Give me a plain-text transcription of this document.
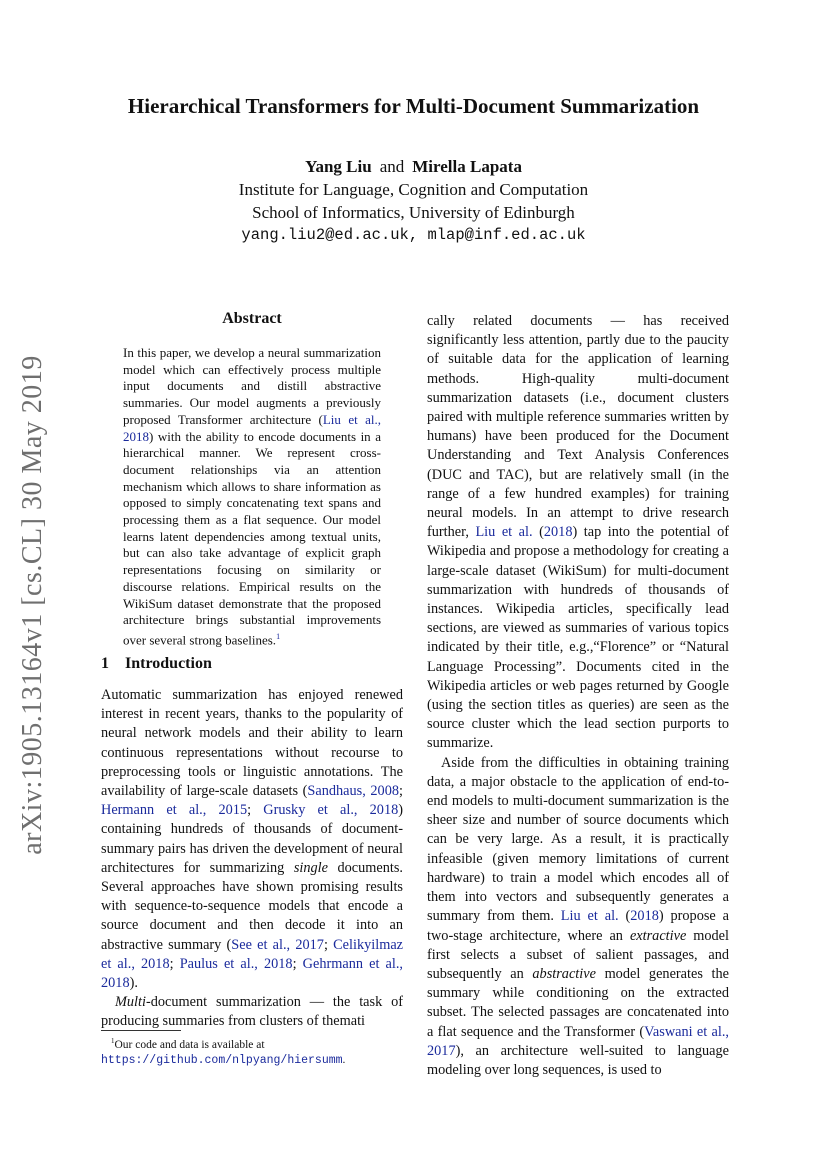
arXiv:1905.13164v1 [cs.CL] 30 May 2019
Hierarchical Transformers for Multi-Document Summarization
Yang Liu and Mirella Lapata
Institute for Language, Cognition and Computation
School of Informatics, University of Edinburgh
yang.liu2@ed.ac.uk, mlap@inf.ed.ac.uk
Abstract

In this paper, we develop a neural summarization model which can effectively process multiple input documents and distill abstractive summaries. Our model augments a previously proposed Transformer architecture (Liu et al., 2018) with the ability to encode documents in a hierarchical manner. We represent cross-document relationships via an attention mechanism which allows to share information as opposed to simply concatenating text spans and processing them as a flat sequence. Our model learns latent dependencies among textual units, but can also take advantage of explicit graph representations focusing on similarity or discourse relations. Empirical results on the WikiSum dataset demonstrate that the proposed architecture brings substantial improvements over several strong baselines.$^1$

1 Introduction

Automatic summarization has enjoyed renewed interest in recent years, thanks to the popularity of neural network models and their ability to learn continuous representations without recourse to preprocessing tools or linguistic annotations. The availability of large-scale datasets (Sandhaus, 2008; Hermann et al., 2015; Grusky et al., 2018) containing hundreds of thousands of document-summary pairs has driven the development of neural architectures for summarizing single documents. Several approaches have shown promising results with sequence-to-sequence models that encode a source document and then decode it into an abstractive summary (See et al., 2017; Celikyilmaz et al., 2018; Paulus et al., 2018; Gehrmann et al., 2018).

Multi-document summarization — the task of producing summaries from clusters of themati

$^1$Our code and data is available at https://github.com/nlpyang/hiersumm.

cally related documents — has received significantly less attention, partly due to the paucity of suitable data for the application of learning methods. High-quality multi-document summarization datasets (i.e., document clusters paired with multiple reference summaries written by humans) have been produced for the Document Understanding and Text Analysis Conferences (DUC and TAC), but are relatively small (in the range of a few hundred examples) for training neural models. In an attempt to drive research further, Liu et al. (2018) tap into the potential of Wikipedia and propose a methodology for creating a large-scale dataset (WikiSum) for multi-document summarization with hundreds of thousands of instances. Wikipedia articles, specifically lead sections, are viewed as summaries of various topics indicated by their title, e.g.,“Florence” or “Natural Language Processing”. Documents cited in the Wikipedia articles or web pages returned by Google (using the section titles as queries) are seen as the source cluster which the lead section purports to summarize.

Aside from the difficulties in obtaining training data, a major obstacle to the application of end-to-end models to multi-document summarization is the sheer size and number of source documents which can be very large. As a result, it is practically infeasible (given memory limitations of current hardware) to train a model which encodes all of them into vectors and subsequently generates a summary from them. Liu et al. (2018) propose a two-stage architecture, where an extractive model first selects a subset of salient passages, and subsequently an abstractive model generates the summary while conditioning on the extracted subset. The selected passages are concatenated into a flat sequence and the Transformer (Vaswani et al., 2017), an architecture well-suited to language modeling over long sequences, is used to
